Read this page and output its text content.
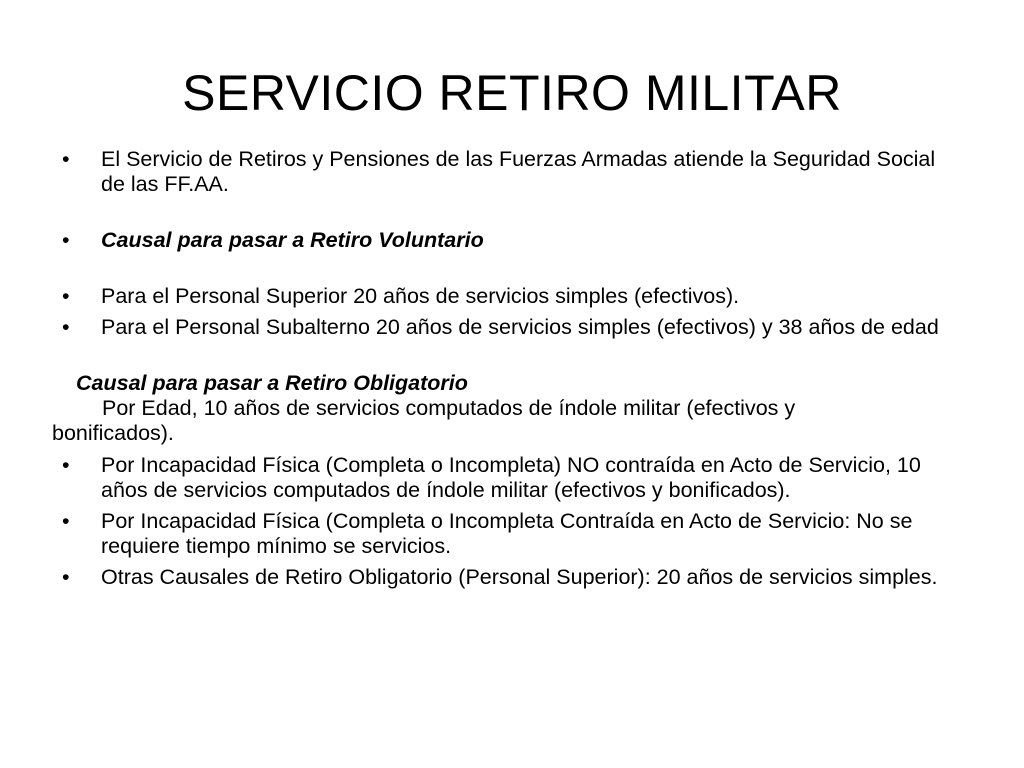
SERVICIO RETIRO MILITAR
• El Servicio de Retiros y Pensiones de las Fuerzas Armadas atiende la Seguridad Social de las FF.AA.
• Causal para pasar a Retiro Voluntario
• Para el Personal Superior 20 años de servicios simples (efectivos).
• Para el Personal Subalterno 20 años de servicios simples (efectivos) y 38 años de edad
Causal para pasar a Retiro Obligatorio
Por Edad, 10 años de servicios computados de índole militar (efectivos y
bonificados).
• Por Incapacidad Física (Completa o Incompleta) NO contraída en Acto de Servicio, 10 años de servicios computados de índole militar (efectivos y bonificados).
• Por Incapacidad Física (Completa o Incompleta Contraída en Acto de Servicio: No se requiere tiempo mínimo se servicios.
• Otras Causales de Retiro Obligatorio (Personal Superior): 20 años de servicios simples.
